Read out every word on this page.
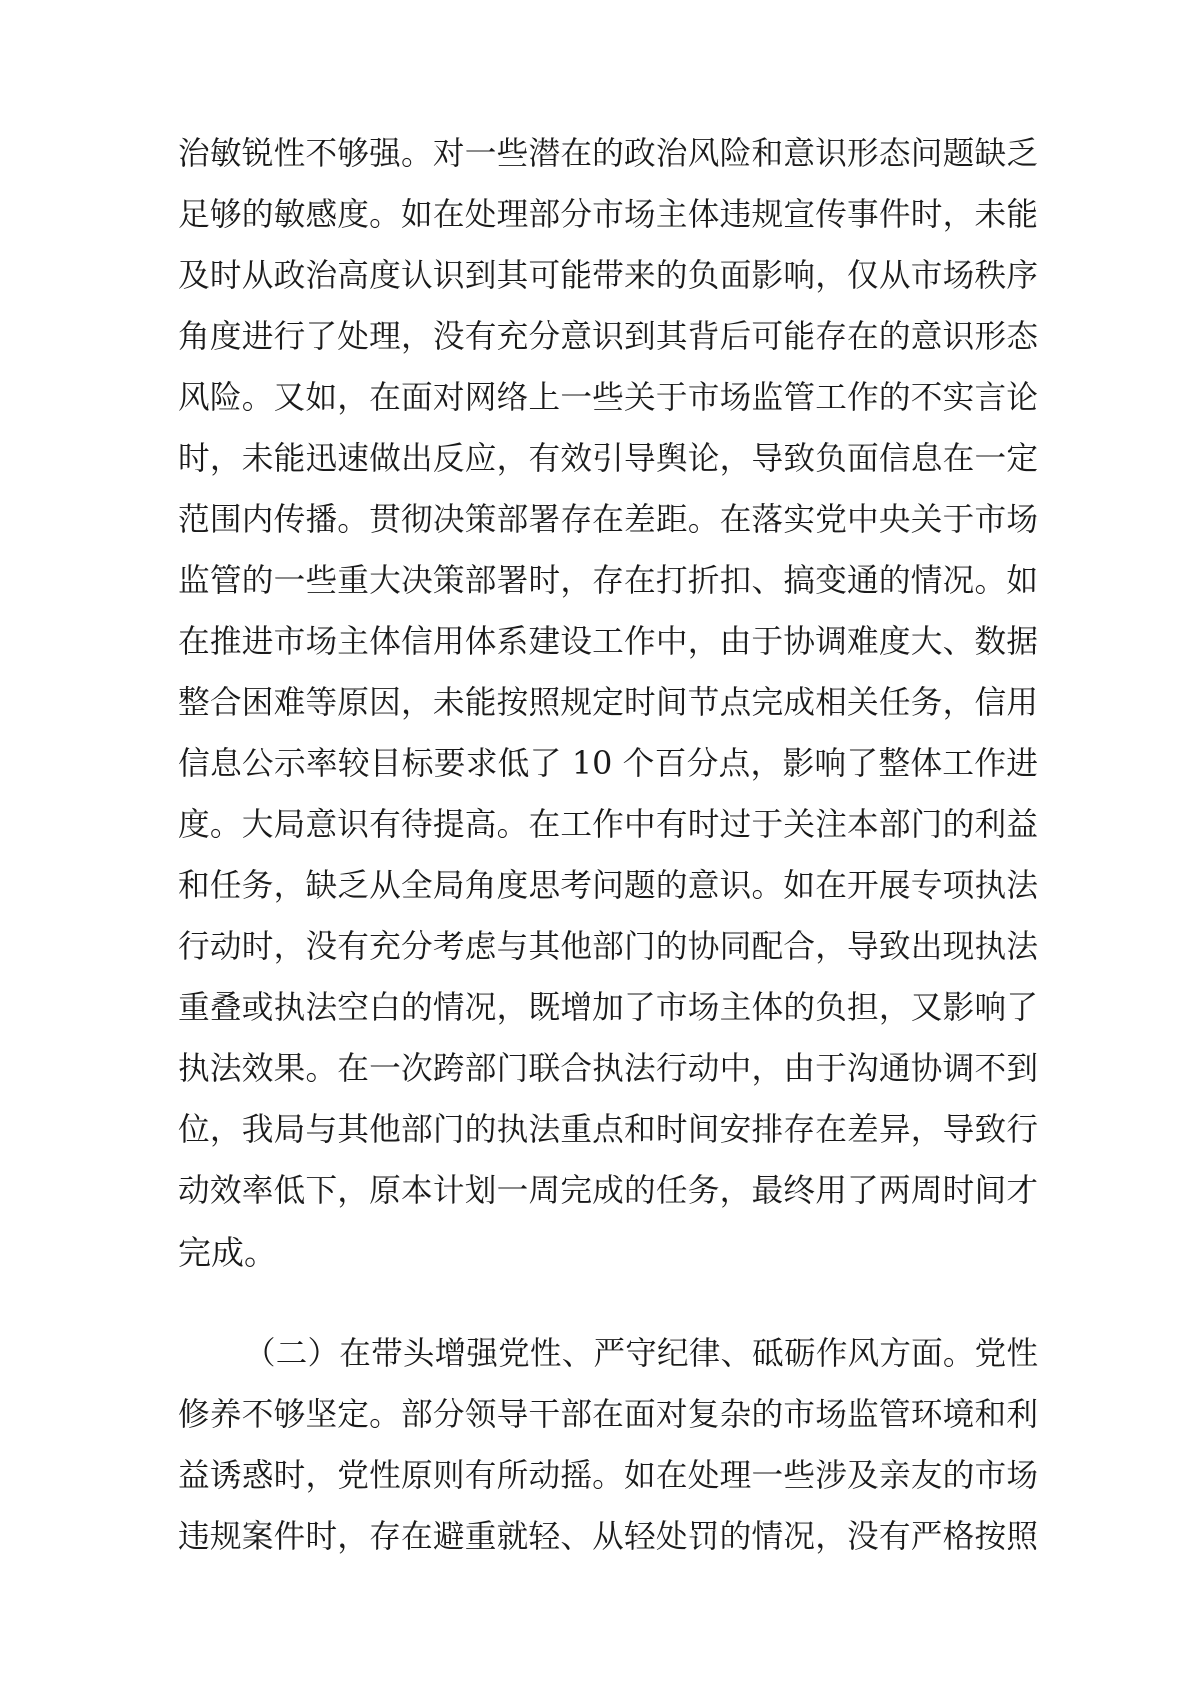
治敏锐性不够强。对一些潜在的政治风险和意识形态问题缺乏
足够的敏感度。如在处理部分市场主体违规宣传事件时，未能
及时从政治高度认识到其可能带来的负面影响，仅从市场秩序
角度进行了处理，没有充分意识到其背后可能存在的意识形态
风险。又如，在面对网络上一些关于市场监管工作的不实言论
时，未能迅速做出反应，有效引导舆论，导致负面信息在一定
范围内传播。贯彻决策部署存在差距。在落实党中央关于市场
监管的一些重大决策部署时，存在打折扣、搞变通的情况。如
在推进市场主体信用体系建设工作中，由于协调难度大、数据
整合困难等原因，未能按照规定时间节点完成相关任务，信用
信息公示率较目标要求低了 10 个百分点，影响了整体工作进
度。大局意识有待提高。在工作中有时过于关注本部门的利益
和任务，缺乏从全局角度思考问题的意识。如在开展专项执法
行动时，没有充分考虑与其他部门的协同配合，导致出现执法
重叠或执法空白的情况，既增加了市场主体的负担，又影响了
执法效果。在一次跨部门联合执法行动中，由于沟通协调不到
位，我局与其他部门的执法重点和时间安排存在差异，导致行
动效率低下，原本计划一周完成的任务，最终用了两周时间才
完成。
（二）在带头增强党性、严守纪律、砥砺作风方面。党性
修养不够坚定。部分领导干部在面对复杂的市场监管环境和利
益诱惑时，党性原则有所动摇。如在处理一些涉及亲友的市场
违规案件时，存在避重就轻、从轻处罚的情况，没有严格按照
